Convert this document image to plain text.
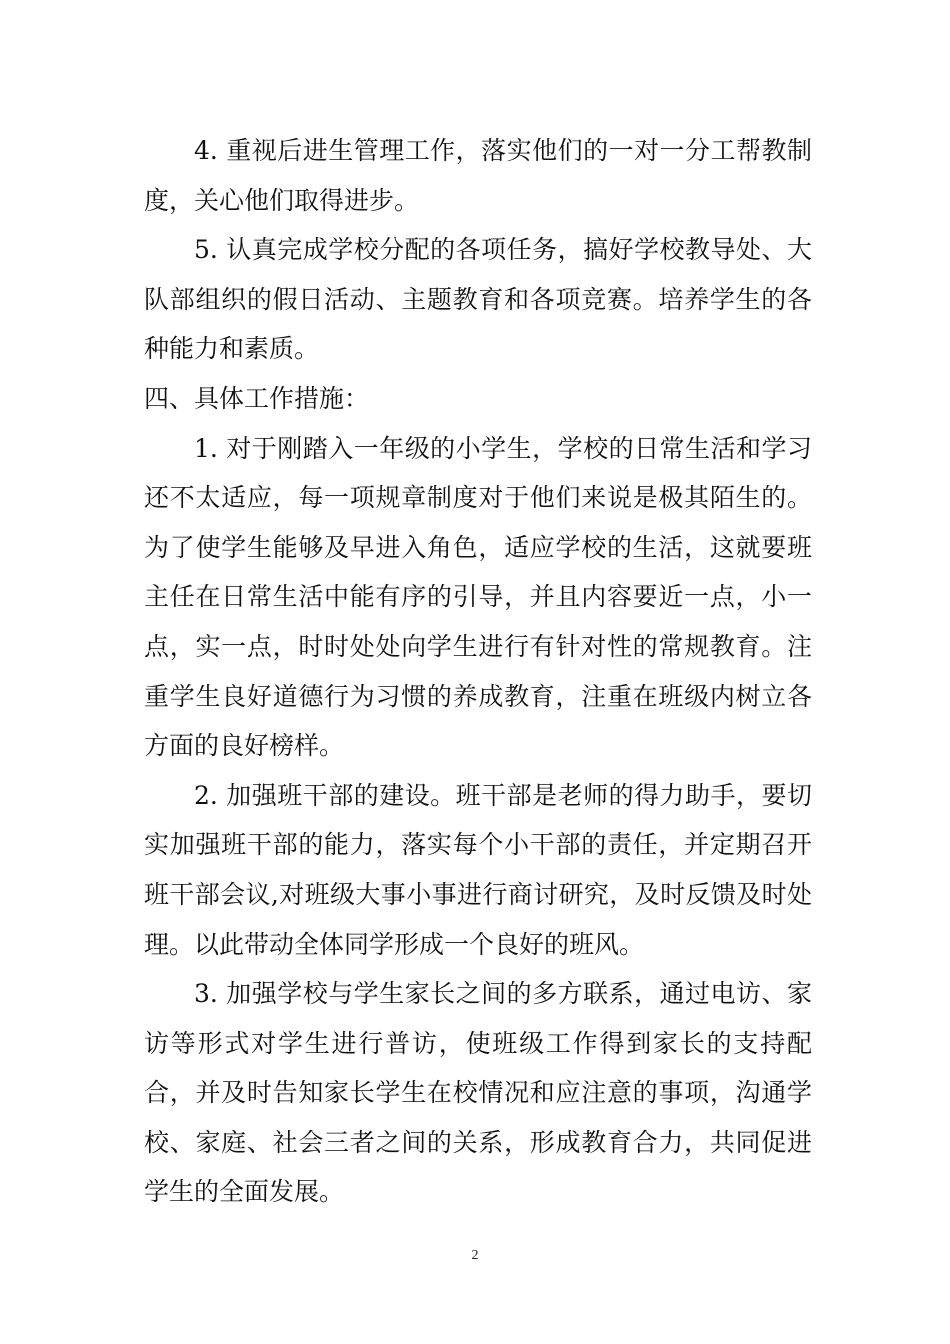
4. 重视后进生管理工作，落实他们的一对一分工帮教制度，关心他们取得进步。

5. 认真完成学校分配的各项任务，搞好学校教导处、大队部组织的假日活动、主题教育和各项竞赛。培养学生的各种能力和素质。

四、具体工作措施：

1. 对于刚踏入一年级的小学生，学校的日常生活和学习还不太适应，每一项规章制度对于他们来说是极其陌生的。为了使学生能够及早进入角色，适应学校的生活，这就要班主任在日常生活中能有序的引导，并且内容要近一点，小一点，实一点，时时处处向学生进行有针对性的常规教育。注重学生良好道德行为习惯的养成教育，注重在班级内树立各方面的良好榜样。

2. 加强班干部的建设。班干部是老师的得力助手，要切实加强班干部的能力，落实每个小干部的责任，并定期召开班干部会议,对班级大事小事进行商讨研究，及时反馈及时处理。以此带动全体同学形成一个良好的班风。

3. 加强学校与学生家长之间的多方联系，通过电访、家访等形式对学生进行普访，使班级工作得到家长的支持配合，并及时告知家长学生在校情况和应注意的事项，沟通学校、家庭、社会三者之间的关系，形成教育合力，共同促进学生的全面发展。

2
